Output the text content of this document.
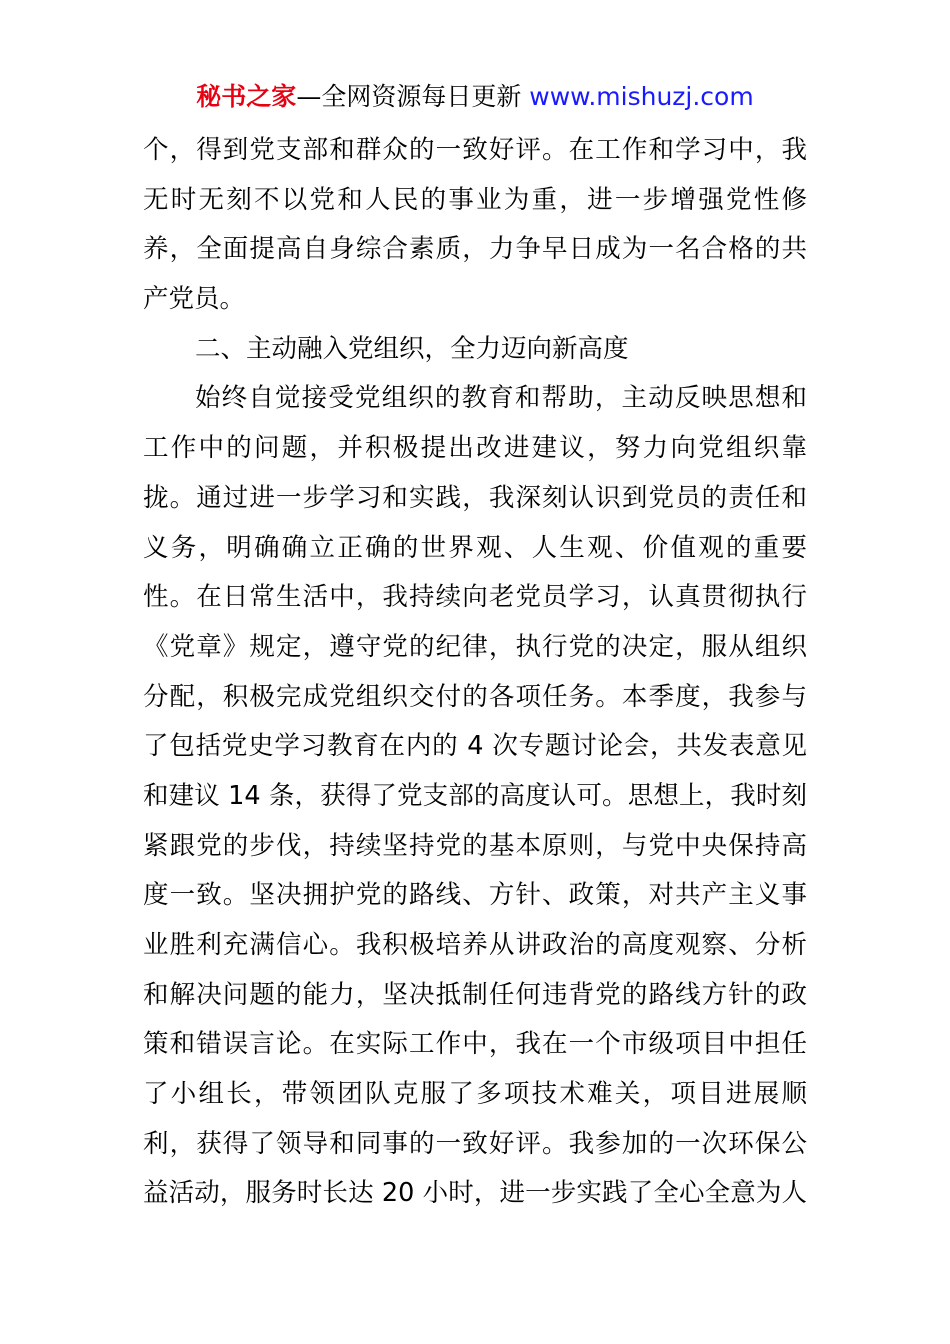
秘书之家—全网资源每日更新 www.mishuzj.com
个，得到党支部和群众的一致好评。在工作和学习中，我
无时无刻不以党和人民的事业为重，进一步增强党性修
养，全面提高自身综合素质，力争早日成为一名合格的共
产党员。
二、主动融入党组织，全力迈向新高度
始终自觉接受党组织的教育和帮助，主动反映思想和
工作中的问题，并积极提出改进建议，努力向党组织靠
拢。通过进一步学习和实践，我深刻认识到党员的责任和
义务，明确确立正确的世界观、人生观、价值观的重要
性。在日常生活中，我持续向老党员学习，认真贯彻执行
《党章》规定，遵守党的纪律，执行党的决定，服从组织
分配，积极完成党组织交付的各项任务。本季度，我参与
了包括党史学习教育在内的 4 次专题讨论会，共发表意见
和建议 14 条，获得了党支部的高度认可。思想上，我时刻
紧跟党的步伐，持续坚持党的基本原则，与党中央保持高
度一致。坚决拥护党的路线、方针、政策，对共产主义事
业胜利充满信心。我积极培养从讲政治的高度观察、分析
和解决问题的能力，坚决抵制任何违背党的路线方针的政
策和错误言论。在实际工作中，我在一个市级项目中担任
了小组长，带领团队克服了多项技术难关，项目进展顺
利，获得了领导和同事的一致好评。我参加的一次环保公
益活动，服务时长达 20 小时，进一步实践了全心全意为人
